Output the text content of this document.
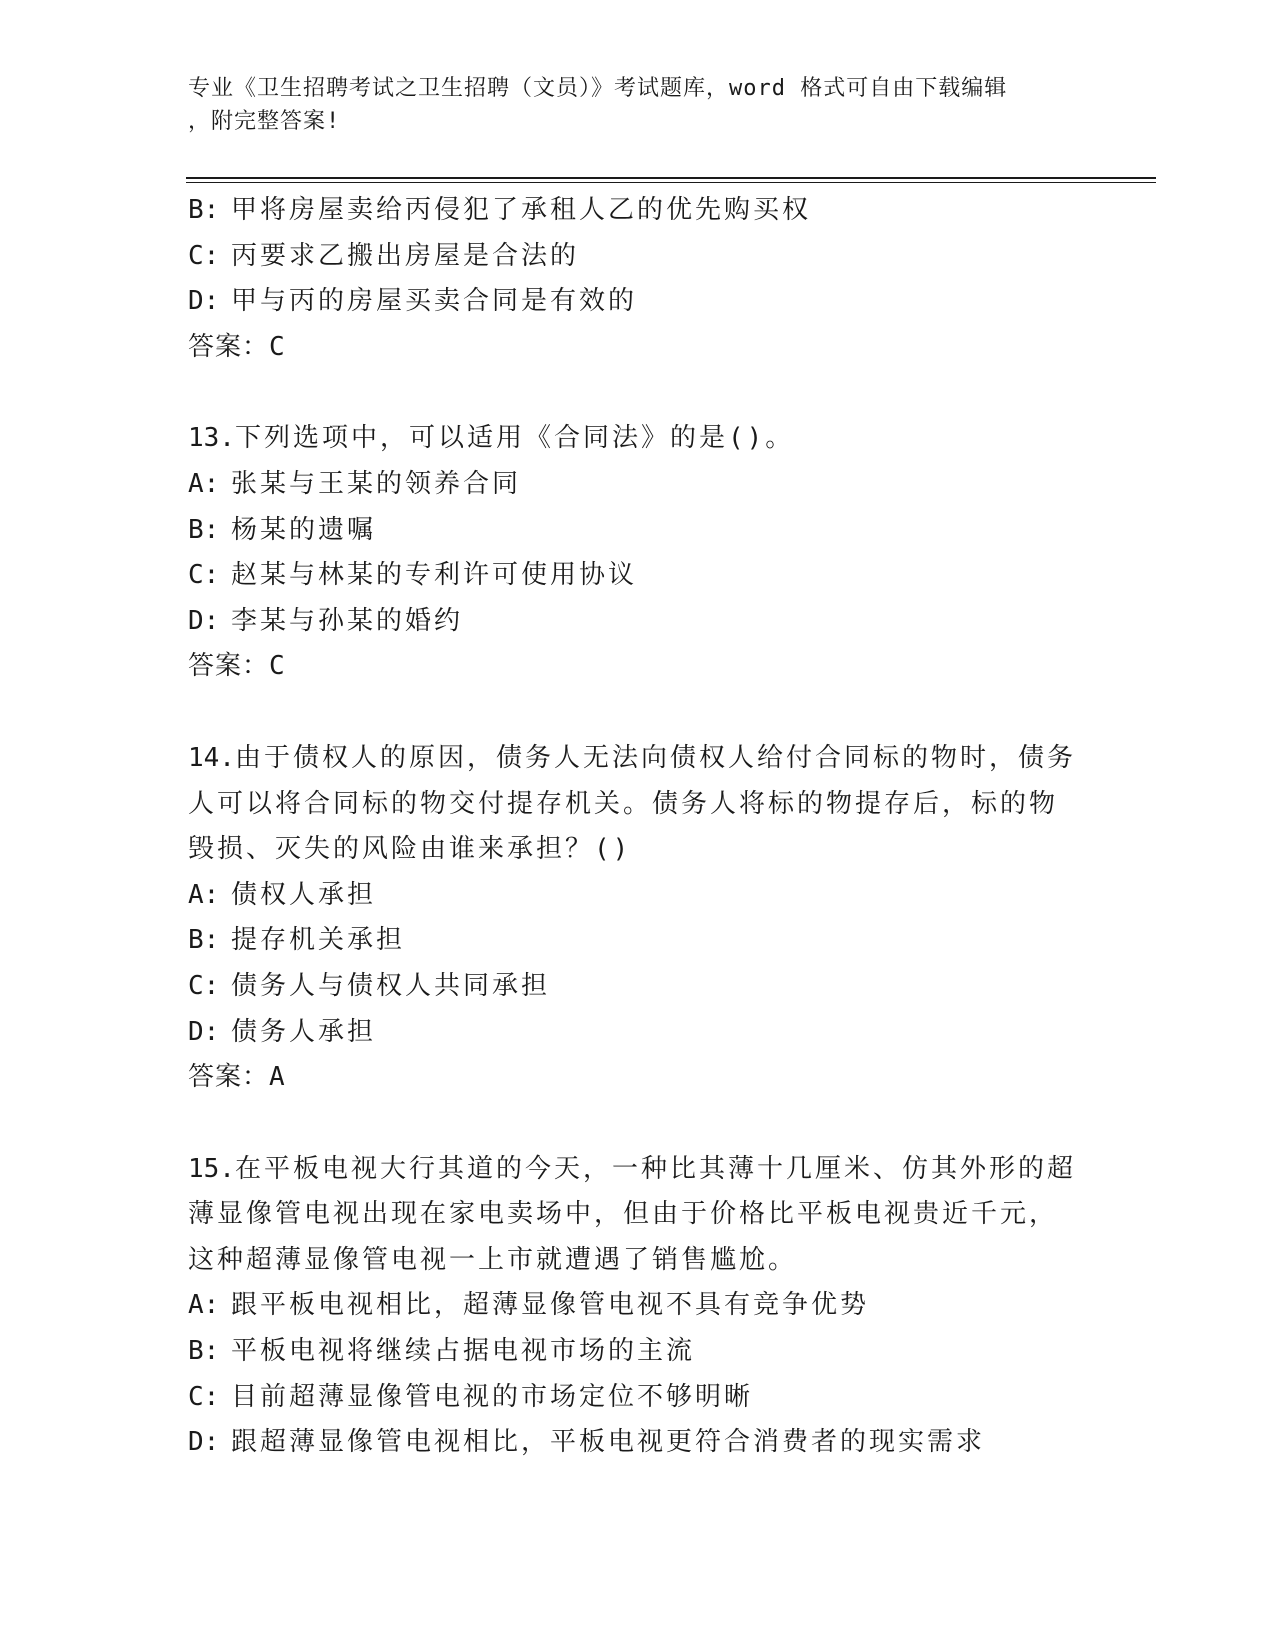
专业《卫生招聘考试之卫生招聘（文员）》考试题库，word 格式可自由下载编辑
，附完整答案!
B: 甲将房屋卖给丙侵犯了承租人乙的优先购买权
C: 丙要求乙搬出房屋是合法的
D: 甲与丙的房屋买卖合同是有效的
答案：C
13.下列选项中，可以适用《合同法》的是()。
A: 张某与王某的领养合同
B: 杨某的遗嘱
C: 赵某与林某的专利许可使用协议
D: 李某与孙某的婚约
答案：C
14.由于债权人的原因，债务人无法向债权人给付合同标的物时，债务
人可以将合同标的物交付提存机关。债务人将标的物提存后，标的物
毁损、灭失的风险由谁来承担？()
A: 债权人承担
B: 提存机关承担
C: 债务人与债权人共同承担
D: 债务人承担
答案：A
15.在平板电视大行其道的今天，一种比其薄十几厘米、仿其外形的超
薄显像管电视出现在家电卖场中，但由于价格比平板电视贵近千元，
这种超薄显像管电视一上市就遭遇了销售尴尬。
A: 跟平板电视相比，超薄显像管电视不具有竞争优势
B: 平板电视将继续占据电视市场的主流
C: 目前超薄显像管电视的市场定位不够明晰
D: 跟超薄显像管电视相比，平板电视更符合消费者的现实需求
